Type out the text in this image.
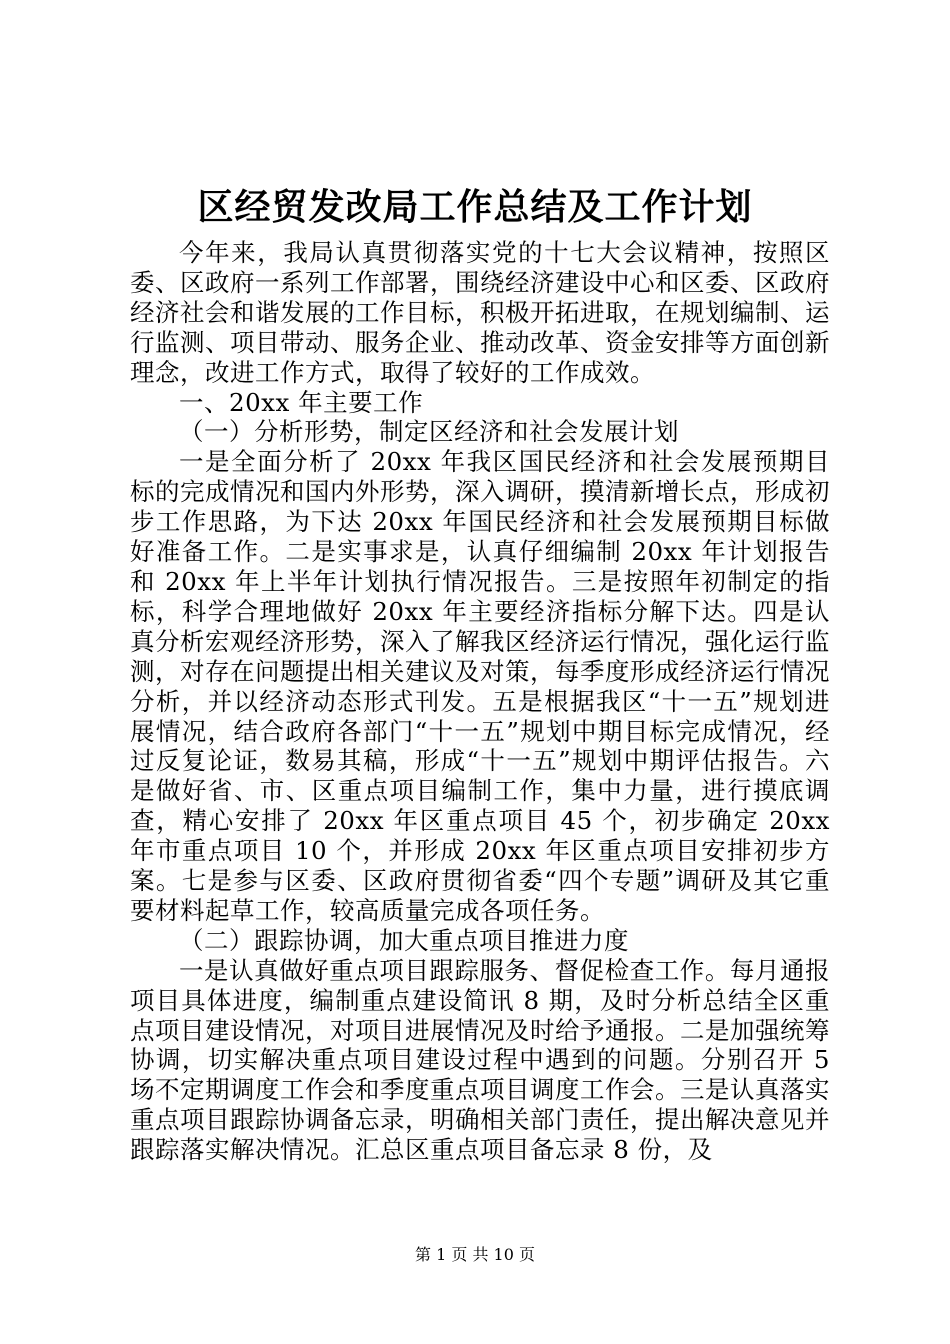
区经贸发改局工作总结及工作计划

今年来，我局认真贯彻落实党的十七大会议精神，按照区委、区政府一系列工作部署，围绕经济建设中心和区委、区政府经济社会和谐发展的工作目标，积极开拓进取，在规划编制、运行监测、项目带动、服务企业、推动改革、资金安排等方面创新理念，改进工作方式，取得了较好的工作成效。

一、20xx 年主要工作

（一）分析形势，制定区经济和社会发展计划

一是全面分析了 20xx 年我区国民经济和社会发展预期目标的完成情况和国内外形势，深入调研，摸清新增长点，形成初步工作思路，为下达 20xx 年国民经济和社会发展预期目标做好准备工作。二是实事求是，认真仔细编制 20xx 年计划报告和 20xx 年上半年计划执行情况报告。三是按照年初制定的指标，科学合理地做好 20xx 年主要经济指标分解下达。四是认真分析宏观经济形势，深入了解我区经济运行情况，强化运行监测，对存在问题提出相关建议及对策，每季度形成经济运行情况分析，并以经济动态形式刊发。五是根据我区“十一五”规划进展情况，结合政府各部门“十一五”规划中期目标完成情况，经过反复论证，数易其稿，形成“十一五”规划中期评估报告。六是做好省、市、区重点项目编制工作，集中力量，进行摸底调查，精心安排了 20xx 年区重点项目 45 个，初步确定 20xx 年市重点项目 10 个，并形成 20xx 年区重点项目安排初步方案。七是参与区委、区政府贯彻省委“四个专题”调研及其它重要材料起草工作，较高质量完成各项任务。

（二）跟踪协调，加大重点项目推进力度

一是认真做好重点项目跟踪服务、督促检查工作。每月通报项目具体进度，编制重点建设简讯 8 期，及时分析总结全区重点项目建设情况，对项目进展情况及时给予通报。二是加强统筹协调，切实解决重点项目建设过程中遇到的问题。分别召开 5 场不定期调度工作会和季度重点项目调度工作会。三是认真落实重点项目跟踪协调备忘录，明确相关部门责任，提出解决意见并跟踪落实解决情况。汇总区重点项目备忘录 8 份，及

第 1 页 共 10 页
